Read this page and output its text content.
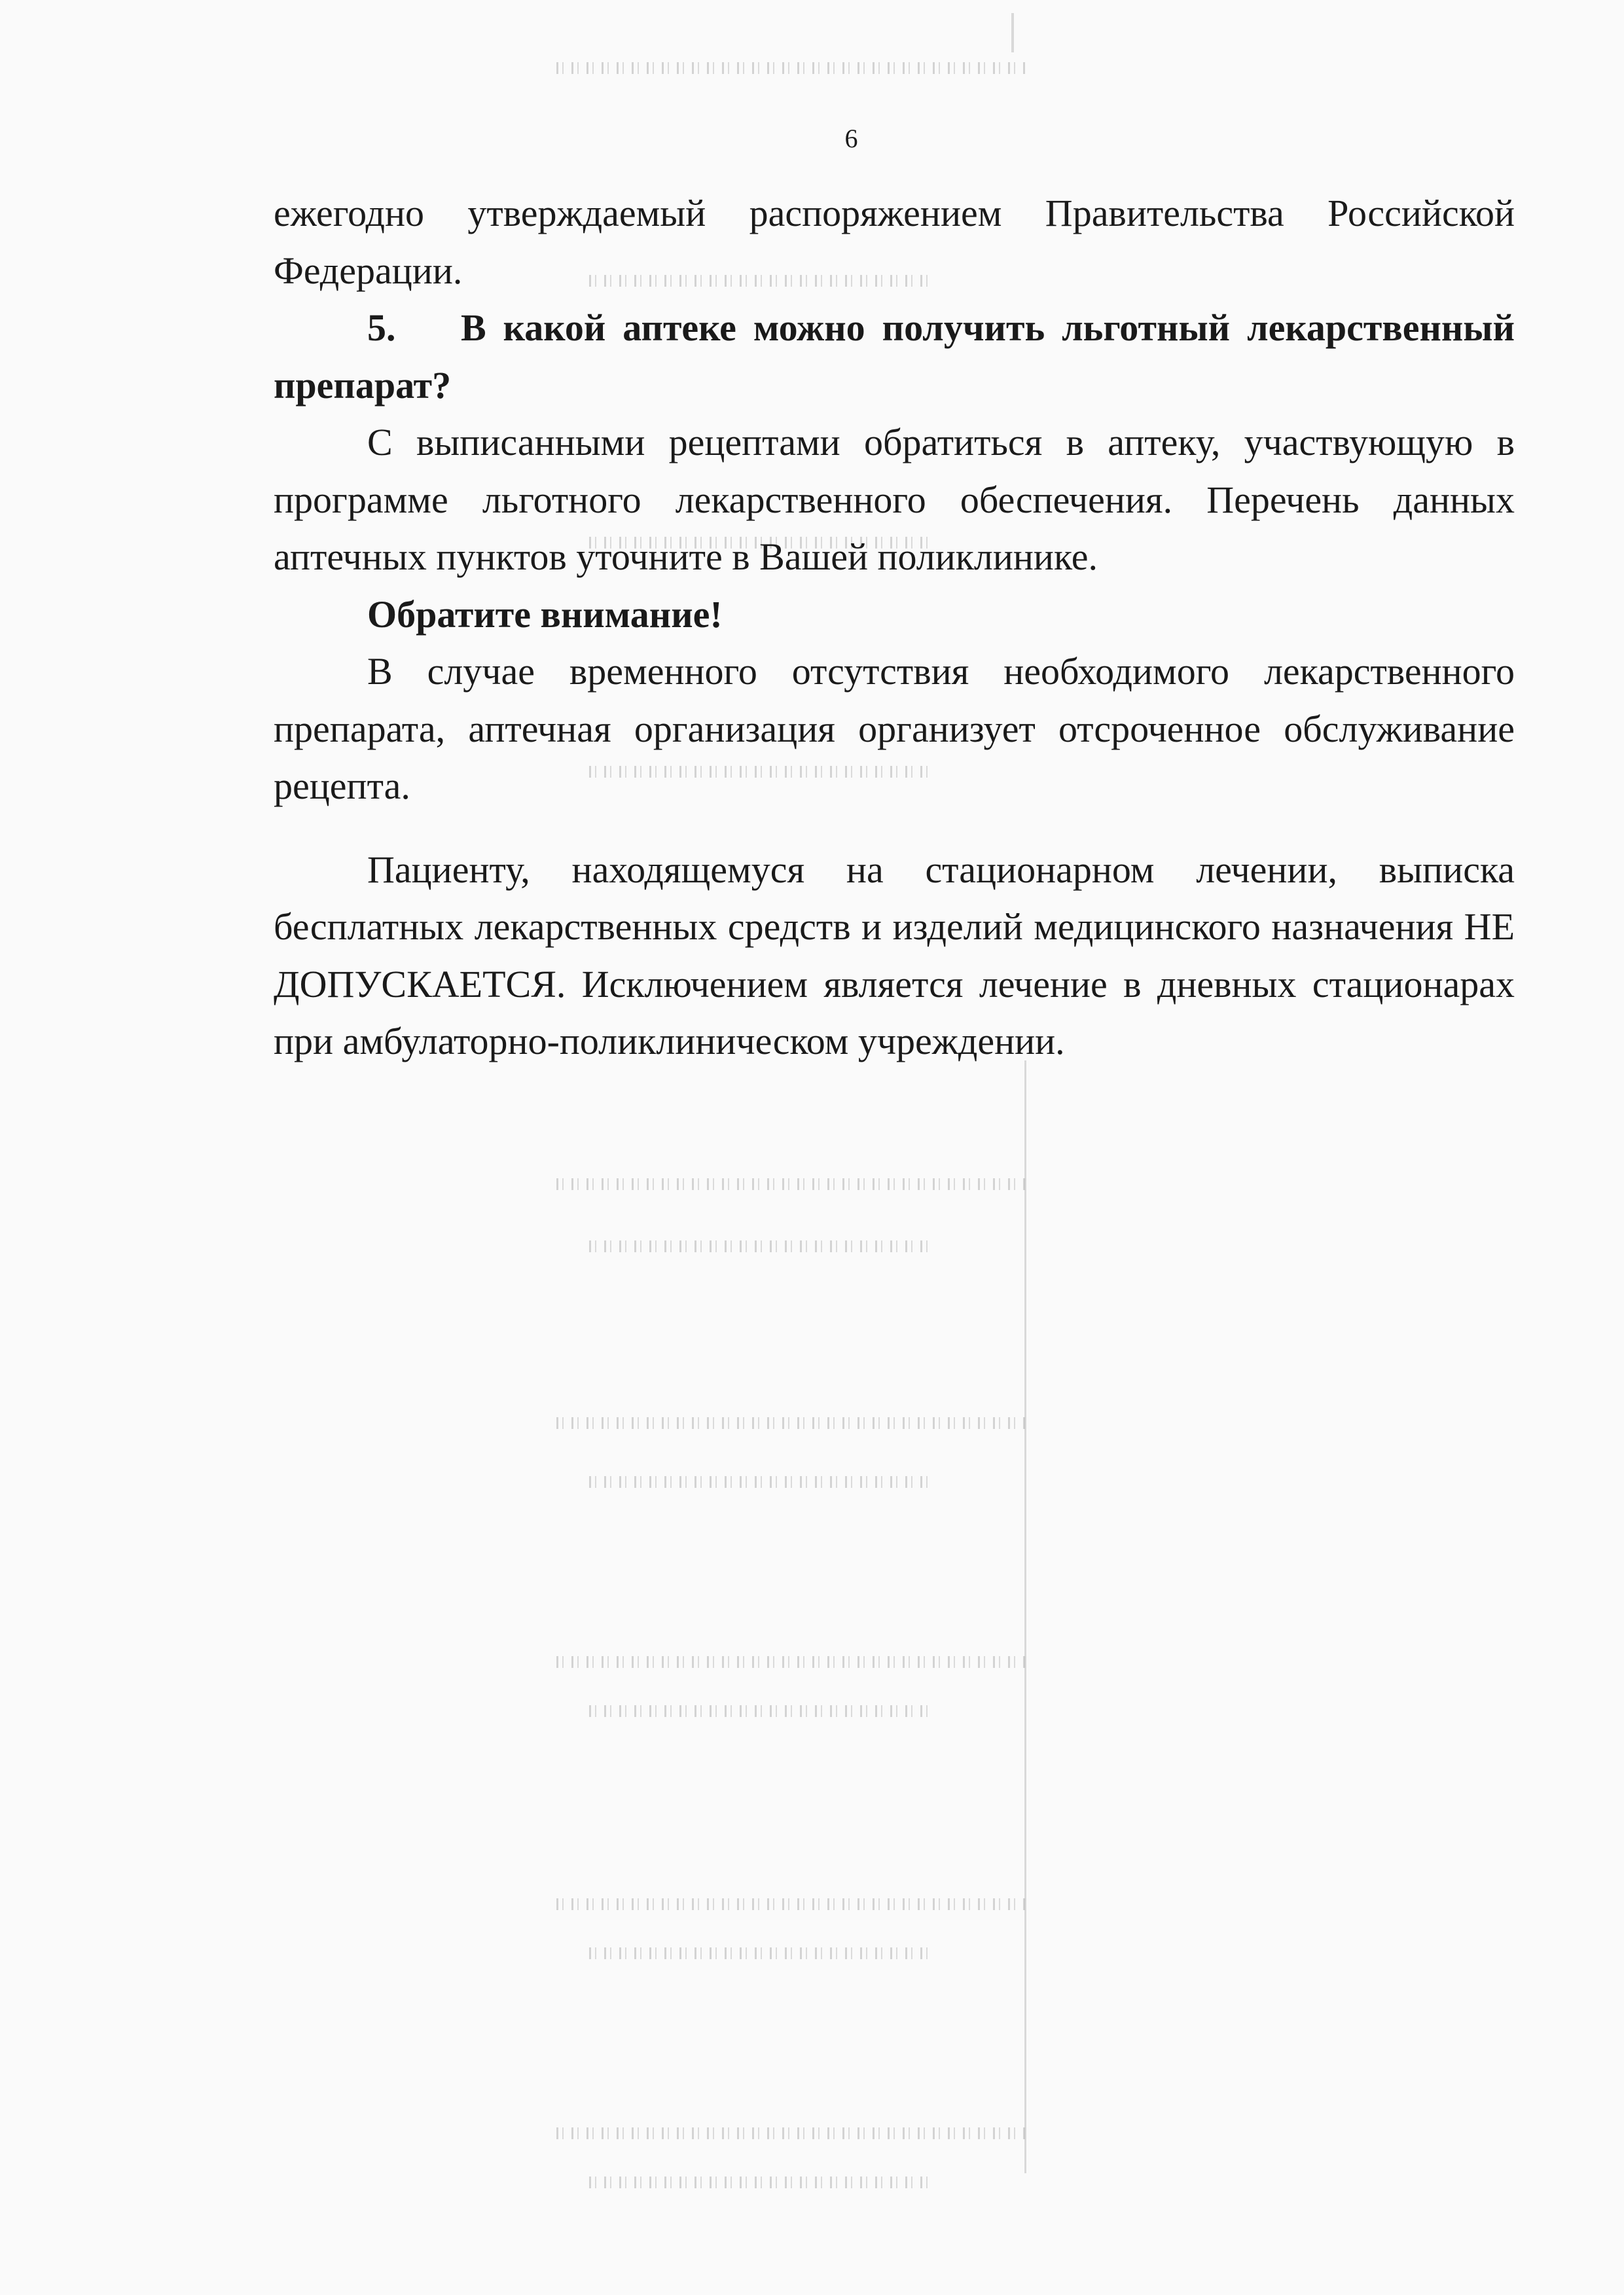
6

ежегодно утверждаемый распоряжением Правительства Российской Федерации.

5. В какой аптеке можно получить льготный лекарственный препарат?

С выписанными рецептами обратиться в аптеку, участвующую в программе льготного лекарственного обеспечения. Перечень данных аптечных пунктов уточните в Вашей поликлинике.

Обратите внимание!

В случае временного отсутствия необходимого лекарственного препарата, аптечная организация организует отсроченное обслуживание рецепта.

Пациенту, находящемуся на стационарном лечении, выписка бесплатных лекарственных средств и изделий медицинского назначения НЕ ДОПУСКАЕТСЯ. Исключением является лечение в дневных стационарах при амбулаторно-поликлиническом учреждении.
